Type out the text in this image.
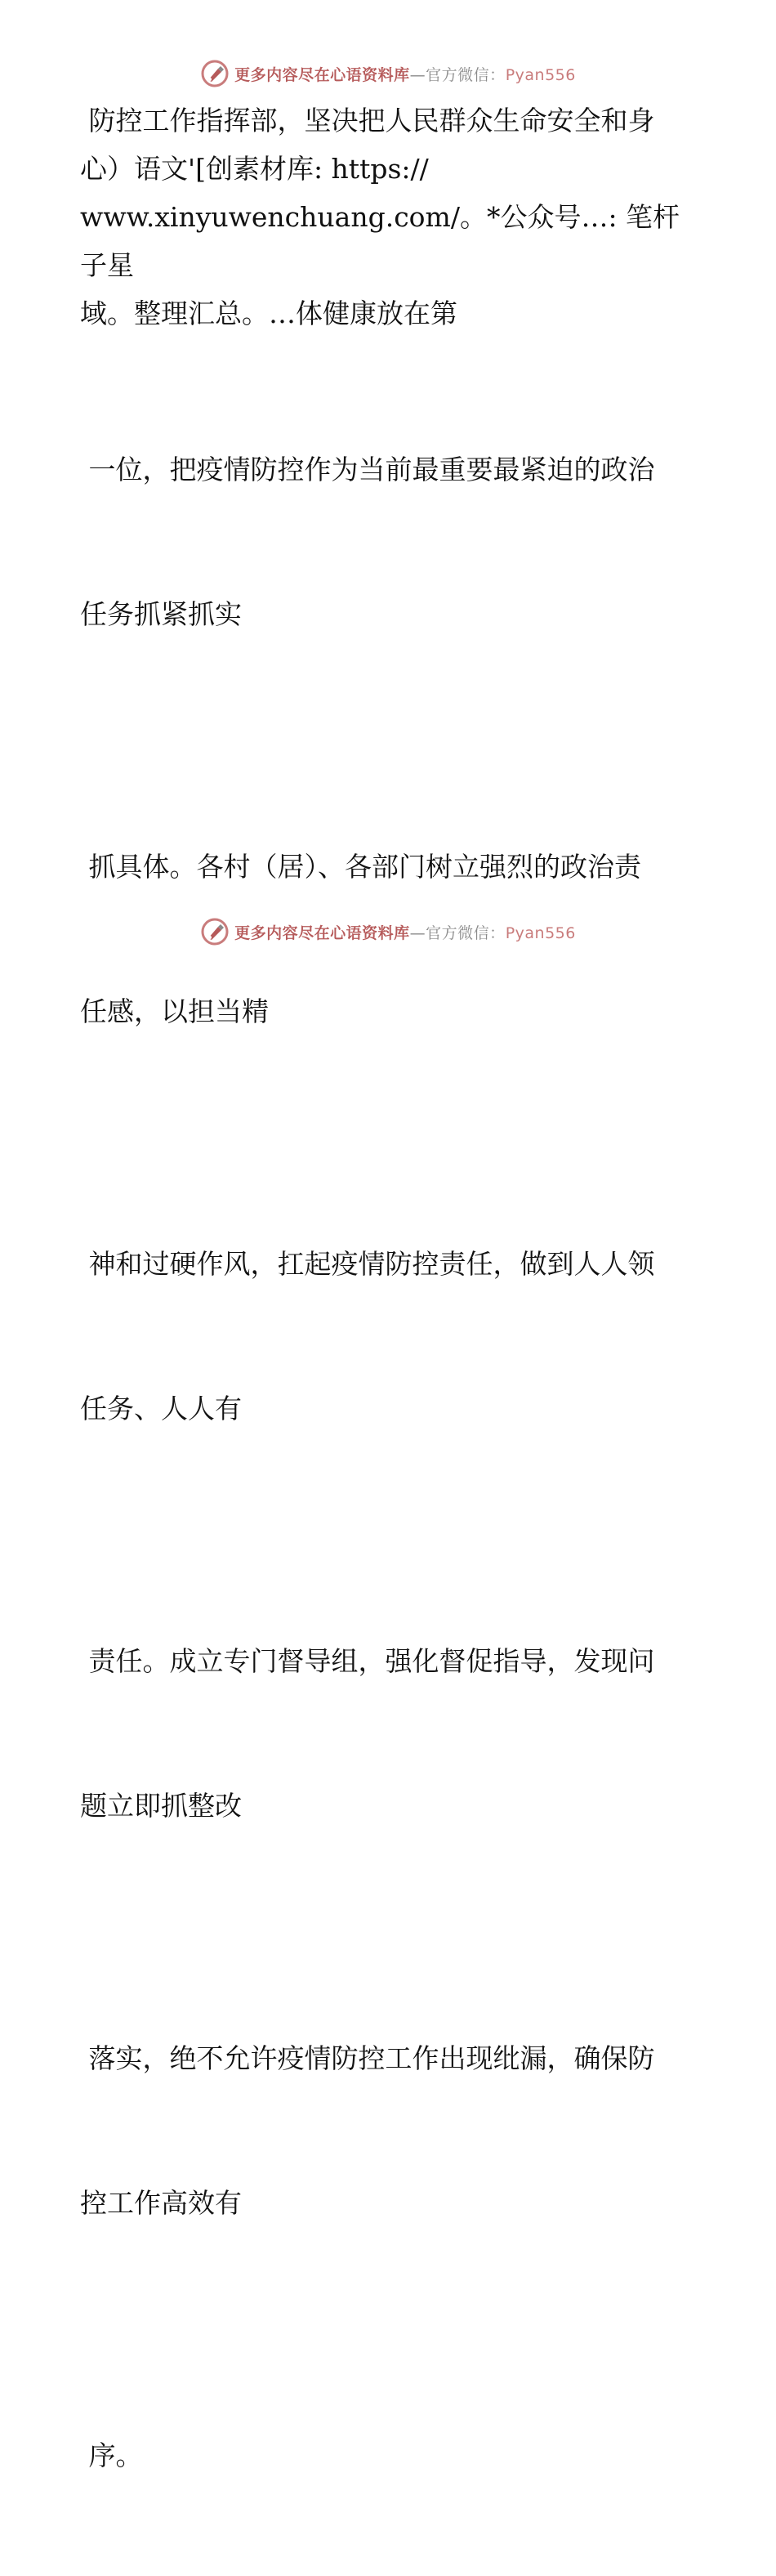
更多内容尽在心语资料库—官方微信：Pyan556

防控工作指挥部，坚决把人民群众生命安全和身

心）语文'[创素材库: https://

www.xinyuwenchuang.com/。*公众号…: 笔杆子星

域。整理汇总。…体健康放在第

一位，把疫情防控作为当前最重要最紧迫的政治

任务抓紧抓实

抓具体。各村（居）、各部门树立强烈的政治责

任感，以担当精

神和过硬作风，扛起疫情防控责任，做到人人领

任务、人人有

责任。成立专门督导组，强化督促指导，发现问

题立即抓整改

落实，绝不允许疫情防控工作出现纰漏，确保防

控工作高效有

序。

更多内容尽在心语资料库—官方微信：Pyan556
